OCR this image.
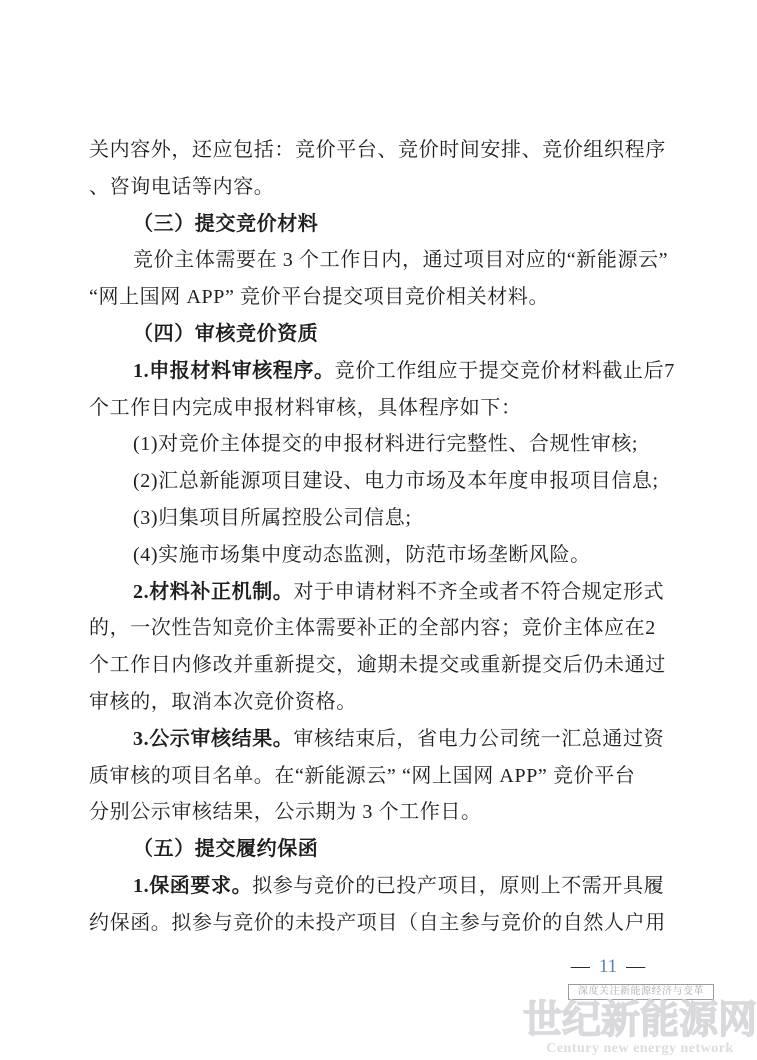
关内容外，还应包括：竞价平台、竞价时间安排、竞价组织程序
、咨询电话等内容。
（三）提交竞价材料
竞价主体需要在 3 个工作日内，通过项目对应的“新能源云”
“网上国网 APP” 竞价平台提交项目竞价相关材料。
（四）审核竞价资质
1.申报材料审核程序。竞价工作组应于提交竞价材料截止后7
个工作日内完成申报材料审核，具体程序如下：
(1)对竞价主体提交的申报材料进行完整性、合规性审核;
(2)汇总新能源项目建设、电力市场及本年度申报项目信息;
(3)归集项目所属控股公司信息;
(4)实施市场集中度动态监测，防范市场垄断风险。
2.材料补正机制。对于申请材料不齐全或者不符合规定形式
的，一次性告知竞价主体需要补正的全部内容；竞价主体应在2
个工作日内修改并重新提交，逾期未提交或重新提交后仍未通过
审核的，取消本次竞价资格。
3.公示审核结果。审核结束后，省电力公司统一汇总通过资
质审核的项目名单。在“新能源云” “网上国网 APP” 竞价平台
分别公示审核结果，公示期为 3 个工作日。
（五）提交履约保函
1.保函要求。拟参与竞价的已投产项目，原则上不需开具履
约保函。拟参与竞价的未投产项目（自主参与竞价的自然人户用
— 11 —
深度关注新能源经济与变革
世纪新能源网
Century new energy network
